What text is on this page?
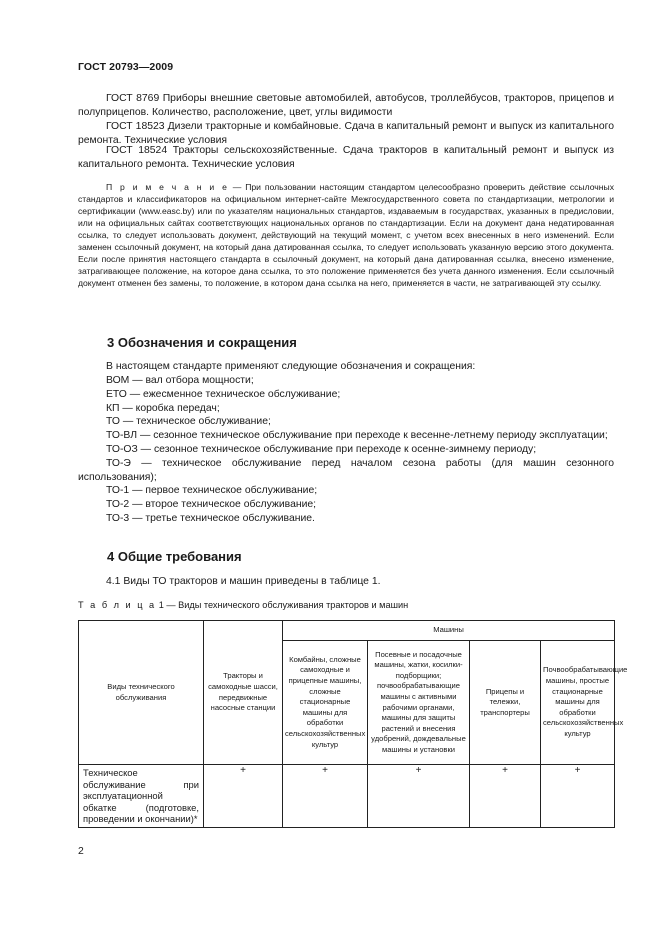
ГОСТ 20793—2009

ГОСТ 8769 Приборы внешние световые автомобилей, автобусов, троллейбусов, тракторов, прицепов и полуприцепов. Количество, расположение, цвет, углы видимости

ГОСТ 18523 Дизели тракторные и комбайновые. Сдача в капитальный ремонт и выпуск из капитального ремонта. Технические условия

ГОСТ 18524 Тракторы сельскохозяйственные. Сдача тракторов в капитальный ремонт и выпуск из капитального ремонта. Технические условия

П р и м е ч а н и е — При пользовании настоящим стандартом целесообразно проверить действие ссылочных стандартов и классификаторов на официальном интернет-сайте Межгосударственного совета по стандартизации, метрологии и сертификации (www.easc.by) или по указателям национальных стандартов, издаваемым в государствах, указанных в предисловии, или на официальных сайтах соответствующих национальных органов по стандартизации. Если на документ дана недатированная ссылка, то следует использовать документ, действующий на текущий момент, с учетом всех внесенных в него изменений. Если заменен ссылочный документ, на который дана датированная ссылка, то следует использовать указанную версию этого документа. Если после принятия настоящего стандарта в ссылочный документ, на который дана датированная ссылка, внесено изменение, затрагивающее положение, на которое дана ссылка, то это положение применяется без учета данного изменения. Если ссылочный документ отменен без замены, то положение, в котором дана ссылка на него, применяется в части, не затрагивающей эту ссылку.

3 Обозначения и сокращения

В настоящем стандарте применяют следующие обозначения и сокращения:

ВОМ — вал отбора мощности;
ЕТО — ежесменное техническое обслуживание;
КП — коробка передач;
ТО — техническое обслуживание;
ТО-ВЛ — сезонное техническое обслуживание при переходе к весенне-летнему периоду эксплуатации;
ТО-ОЗ — сезонное техническое обслуживание при переходе к осенне-зимнему периоду;
ТО-Э — техническое обслуживание перед началом сезона работы (для машин сезонного использования);
ТО-1 — первое техническое обслуживание;
ТО-2 — второе техническое обслуживание;
ТО-3 — третье техническое обслуживание.
4 Общие требования

4.1 Виды ТО тракторов и машин приведены в таблице 1.

Т а б л и ц а 1 — Виды технического обслуживания тракторов и машин
Виды технического обслуживания	Тракторы и самоходные шасси, передвижные насосные станции	Машины			
		Комбайны, сложные самоходные и прицепные машины, сложные стационарные машины для обработки сельскохозяйственных культур	Посевные и посадочные машины, жатки, косилки-подборщики; почвообрабатывающие машины с активными рабочими органами, машины для защиты растений и внесения удобрений, дождевальные машины и установки	Прицепы и тележки, транспортеры	Почвообрабатывающие машины, простые стационарные машины для обработки сельскохозяйственных культур
Техническое обслуживание при эксплуатационной обкатке (подготовке, проведении и окончании)*	+	+	+	+	+
2
